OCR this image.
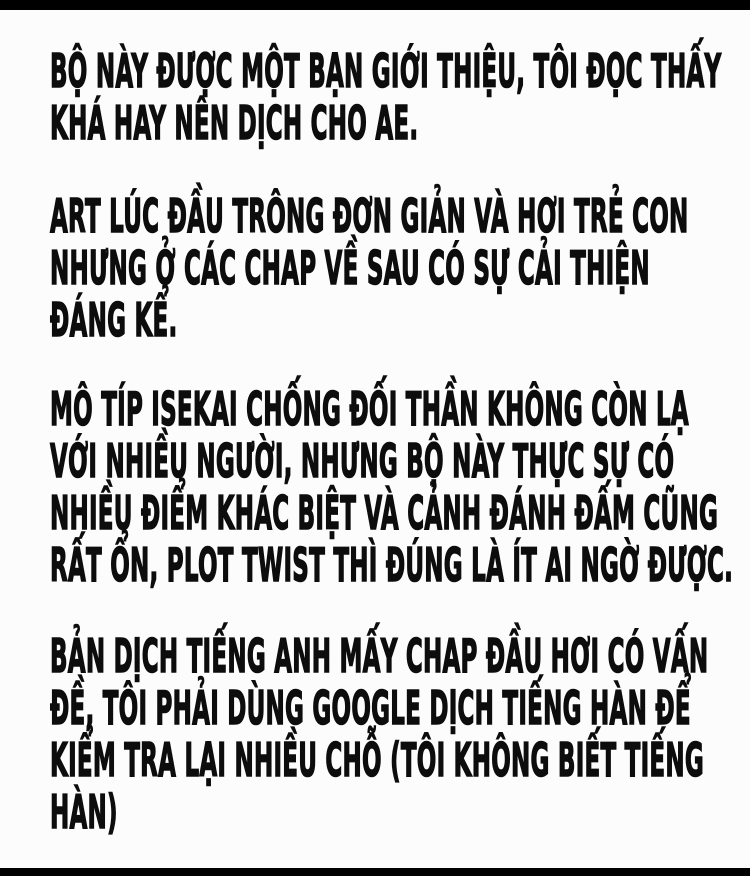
BỘ NÀY ĐƯỢC MỘT BẠN GIỚI THIỆU, TÔI ĐỌC THẤY
KHÁ HAY NÊN DỊCH CHO AE.
ART LÚC ĐẦU TRÔNG ĐƠN GIẢN VÀ HƠI TRẺ CON
NHƯNG Ở CÁC CHAP VỀ SAU CÓ SỰ CẢI THIỆN
ĐÁNG KỂ.
MÔ TÍP ISEKAI CHỐNG ĐỐI THẦN KHÔNG CÒN LẠ
VỚI NHIỀU NGƯỜI, NHƯNG BỘ NÀY THỰC SỰ CÓ
NHIỀU ĐIỂM KHÁC BIỆT VÀ CẢNH ĐÁNH ĐẤM CŨNG
RẤT ỔN, PLOT TWIST THÌ ĐÚNG LÀ ÍT AI NGỜ ĐƯỢC.
BẢN DỊCH TIẾNG ANH MẤY CHAP ĐẦU HƠI CÓ VẤN
ĐỀ, TÔI PHẢI DÙNG GOOGLE DỊCH TIẾNG HÀN ĐỂ
KIỂM TRA LẠI NHIỀU CHỖ (TÔI KHÔNG BIẾT TIẾNG
HÀN)
